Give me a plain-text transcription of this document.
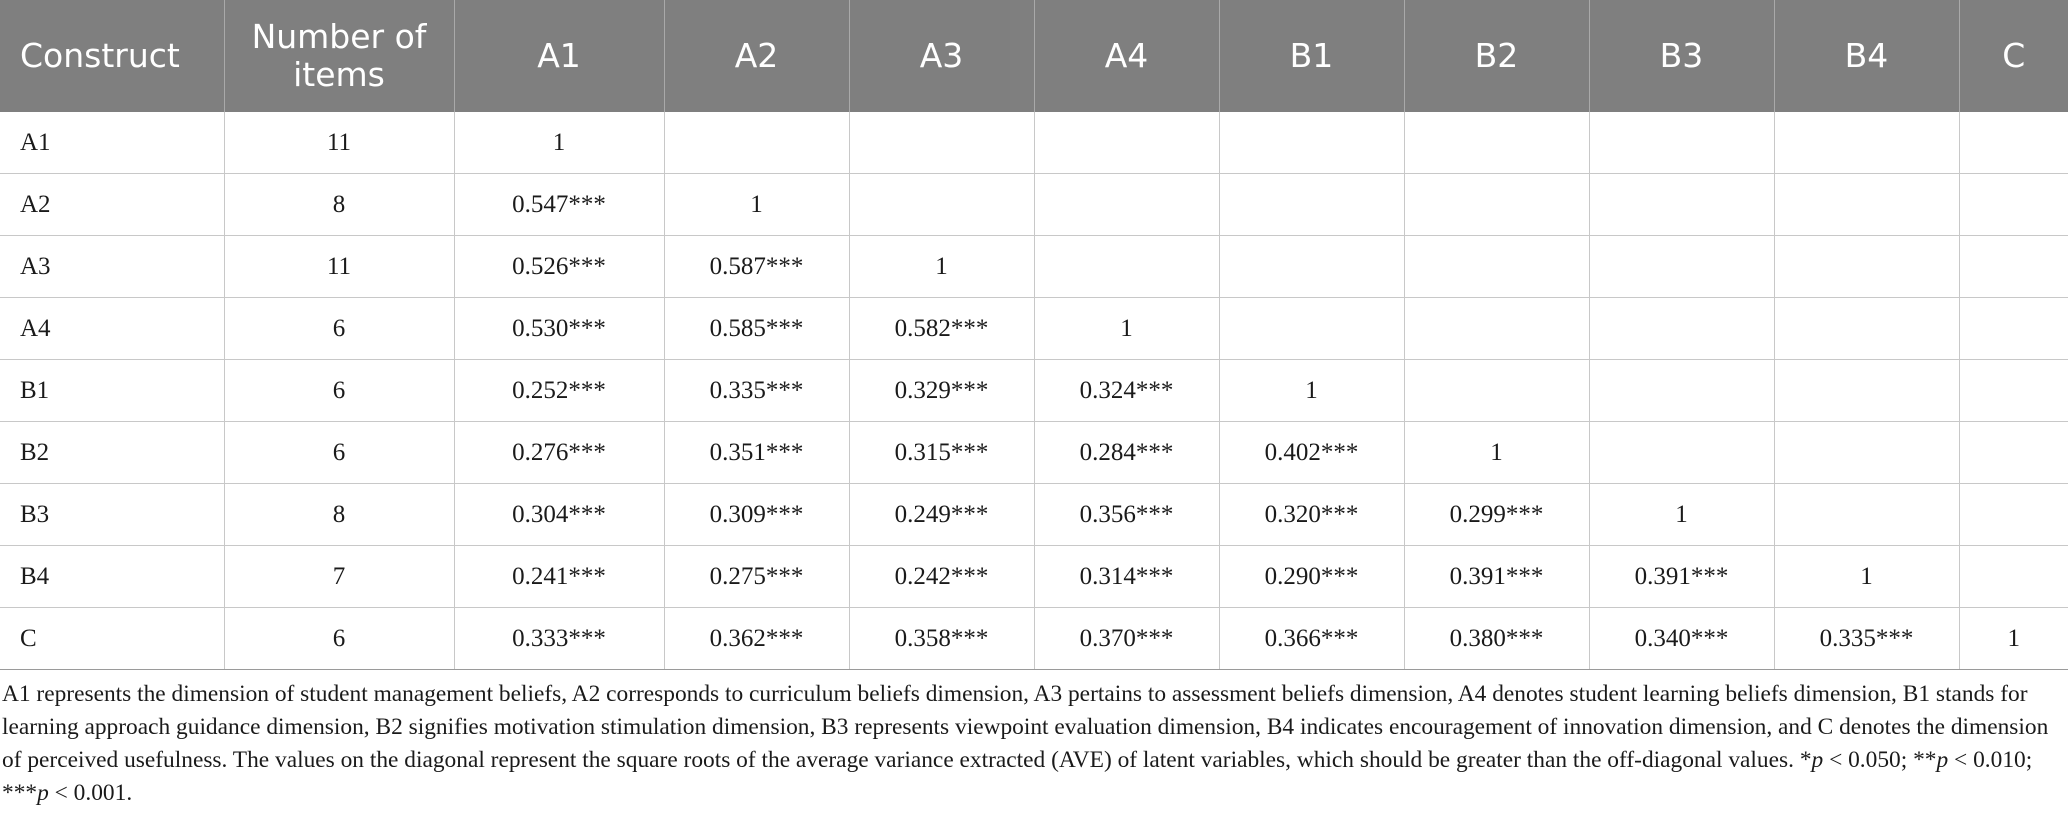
Construct	Number of items	A1	A2	A3	A4	B1	B2	B3	B4	C
A1	11	1								
A2	8	0.547***	1							
A3	11	0.526***	0.587***	1						
A4	6	0.530***	0.585***	0.582***	1					
B1	6	0.252***	0.335***	0.329***	0.324***	1				
B2	6	0.276***	0.351***	0.315***	0.284***	0.402***	1			
B3	8	0.304***	0.309***	0.249***	0.356***	0.320***	0.299***	1		
B4	7	0.241***	0.275***	0.242***	0.314***	0.290***	0.391***	0.391***	1	
C	6	0.333***	0.362***	0.358***	0.370***	0.366***	0.380***	0.340***	0.335***	1

A1 represents the dimension of student management beliefs, A2 corresponds to curriculum beliefs dimension, A3 pertains to assessment beliefs dimension, A4 denotes student learning beliefs dimension, B1 stands for learning approach guidance dimension, B2 signifies motivation stimulation dimension, B3 represents viewpoint evaluation dimension, B4 indicates encouragement of innovation dimension, and C denotes the dimension of perceived usefulness. The values on the diagonal represent the square roots of the average variance extracted (AVE) of latent variables, which should be greater than the off-diagonal values. *p < 0.050; **p < 0.010; ***p < 0.001.
